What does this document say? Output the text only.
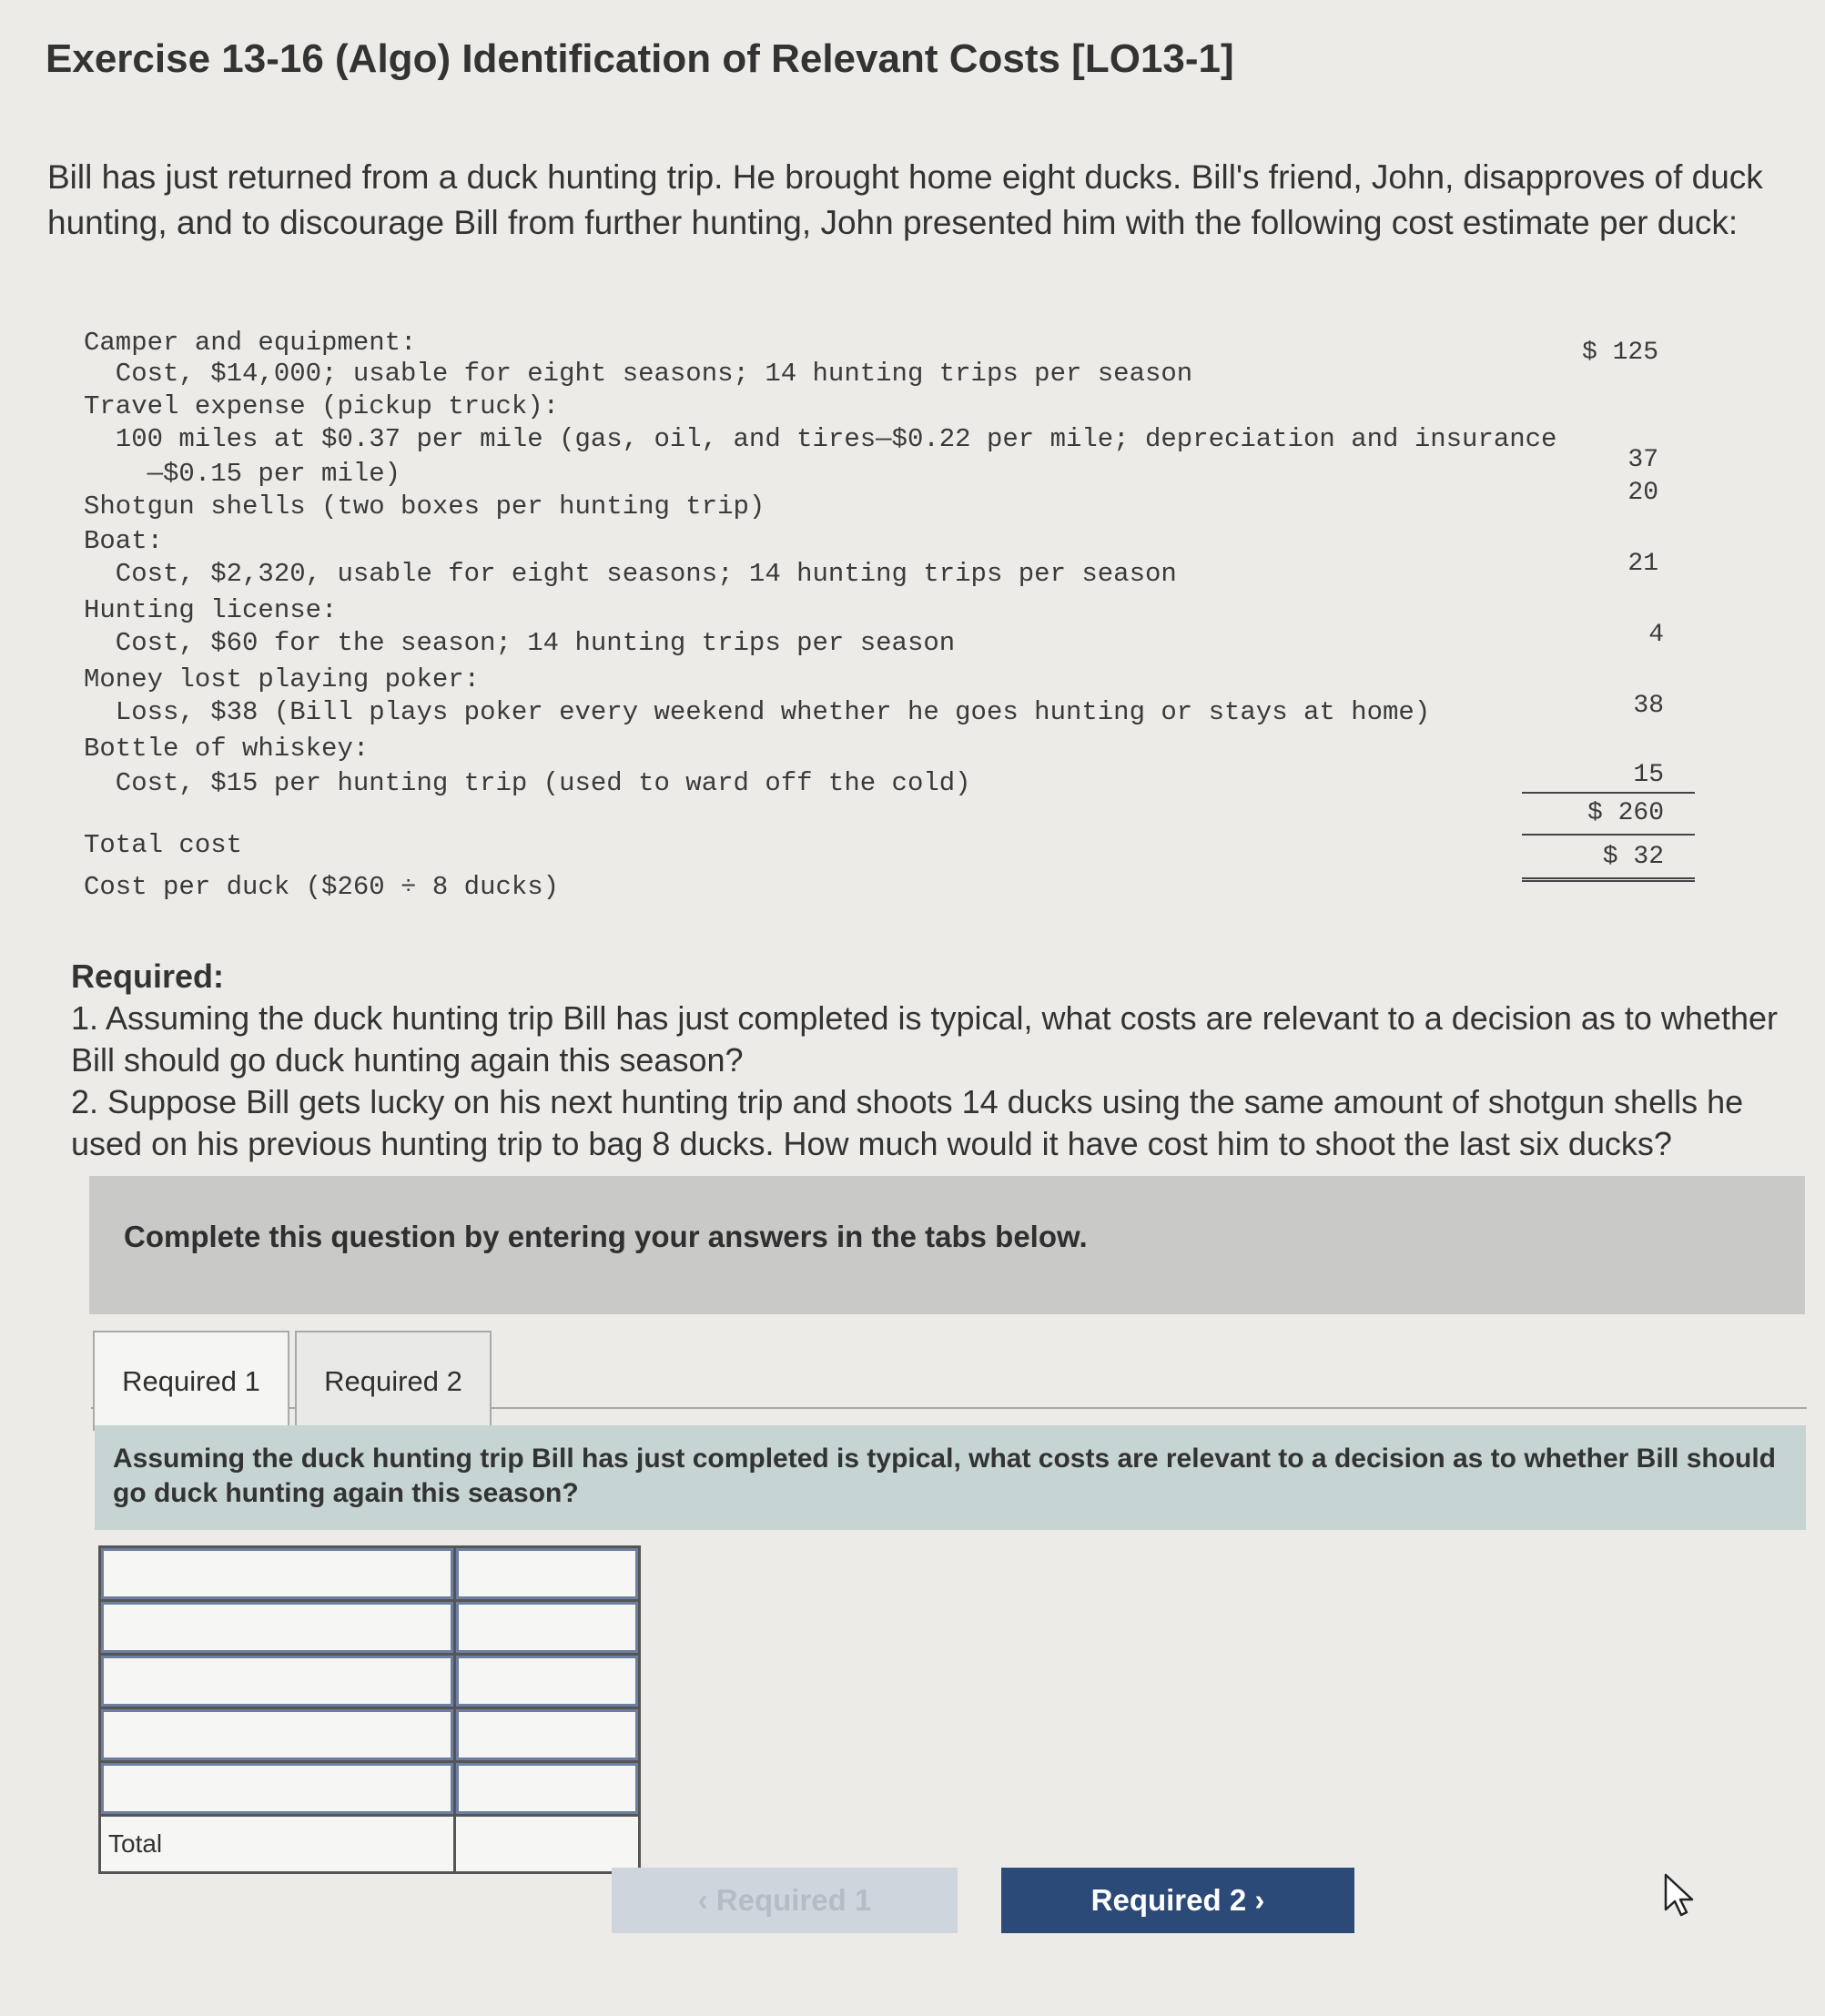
Exercise 13-16 (Algo) Identification of Relevant Costs [LO13-1]
Bill has just returned from a duck hunting trip. He brought home eight ducks. Bill's friend, John, disapproves of duck hunting, and to discourage Bill from further hunting, John presented him with the following cost estimate per duck:
Camper and equipment:
Cost, $14,000; usable for eight seasons; 14 hunting trips per season
Travel expense (pickup truck):
100 miles at $0.37 per mile (gas, oil, and tires—$0.22 per mile; depreciation and insurance
—$0.15 per mile)
Shotgun shells (two boxes per hunting trip)
Boat:
Cost, $2,320, usable for eight seasons; 14 hunting trips per season
Hunting license:
Cost, $60 for the season; 14 hunting trips per season
Money lost playing poker:
Loss, $38 (Bill plays poker every weekend whether he goes hunting or stays at home)
Bottle of whiskey:
Cost, $15 per hunting trip (used to ward off the cold)
Total cost
Cost per duck ($260 ÷ 8 ducks)
$ 125
37
20
21
4
38
15
$ 260
$ 32
Required:
1. Assuming the duck hunting trip Bill has just completed is typical, what costs are relevant to a decision as to whether Bill should go duck hunting again this season?
2. Suppose Bill gets lucky on his next hunting trip and shoots 14 ducks using the same amount of shotgun shells he used on his previous hunting trip to bag 8 ducks. How much would it have cost him to shoot the last six ducks?
Complete this question by entering your answers in the tabs below.
Required 1	Required 2
Assuming the duck hunting trip Bill has just completed is typical, what costs are relevant to a decision as to whether Bill should go duck hunting again this season?
Total
‹ Required 1	Required 2 ›
